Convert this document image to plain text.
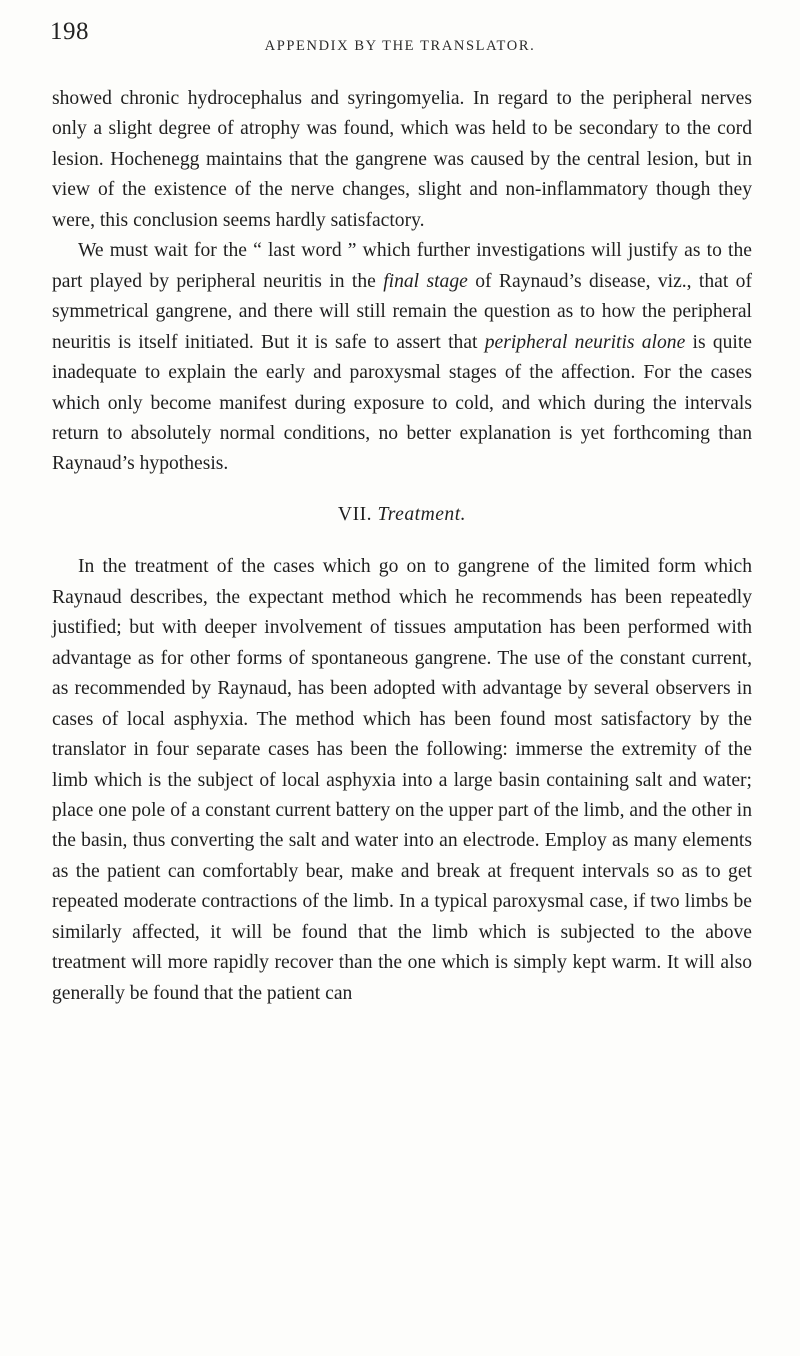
198
APPENDIX BY THE TRANSLATOR.

showed chronic hydrocephalus and syringomyelia. In regard to the peripheral nerves only a slight degree of atrophy was found, which was held to be secondary to the cord lesion. Hochenegg maintains that the gangrene was caused by the central lesion, but in view of the existence of the nerve changes, slight and non-inflammatory though they were, this conclusion seems hardly satisfactory.

We must wait for the “ last word ” which further investigations will justify as to the part played by peripheral neuritis in the final stage of Raynaud’s disease, viz., that of symmetrical gangrene, and there will still remain the question as to how the peripheral neuritis is itself initiated. But it is safe to assert that peripheral neuritis alone is quite inadequate to explain the early and paroxysmal stages of the affection. For the cases which only become manifest during exposure to cold, and which during the intervals return to absolutely normal conditions, no better explanation is yet forthcoming than Raynaud’s hypothesis.

VII. Treatment.

In the treatment of the cases which go on to gangrene of the limited form which Raynaud describes, the expectant method which he recommends has been repeatedly justified; but with deeper involvement of tissues amputation has been performed with advantage as for other forms of spontaneous gangrene. The use of the constant current, as recommended by Raynaud, has been adopted with advantage by several observers in cases of local asphyxia. The method which has been found most satisfactory by the translator in four separate cases has been the following: immerse the extremity of the limb which is the subject of local asphyxia into a large basin containing salt and water; place one pole of a constant current battery on the upper part of the limb, and the other in the basin, thus converting the salt and water into an electrode. Employ as many elements as the patient can comfortably bear, make and break at frequent intervals so as to get repeated moderate contractions of the limb. In a typical paroxysmal case, if two limbs be similarly affected, it will be found that the limb which is subjected to the above treatment will more rapidly recover than the one which is simply kept warm. It will also generally be found that the patient can
